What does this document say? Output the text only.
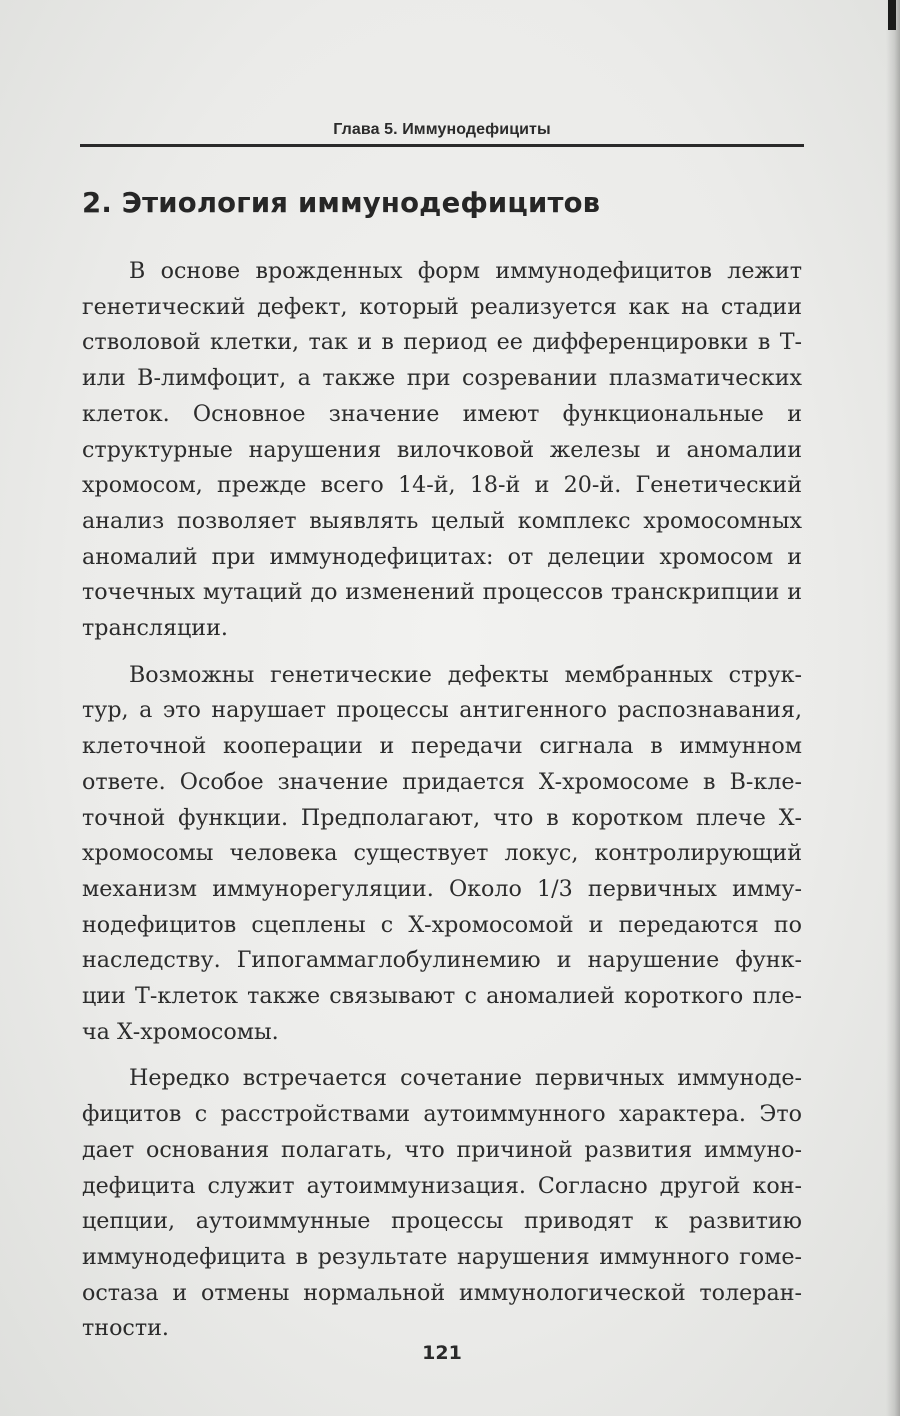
Глава 5. Иммунодефициты
2. Этиология иммунодефицитов

В основе врожденных форм иммунодефицитов лежит генетический дефект, который реализуется как на стадии стволовой клетки, так и в период ее дифференцировки в Т- или В-лимфоцит, а также при созревании плазматических клеток. Основное значение имеют функциональные и структурные нарушения вилочковой железы и аномалии хромосом, прежде всего 14-й, 18-й и 20-й. Генетический анализ позволяет выявлять целый комплекс хромосомных аномалий при иммунодефицитах: от делеции хромосом и точечных мутаций до изменений процессов транскрипции и трансляции.

Возможны генетические дефекты мембранных структур, а это нарушает процессы антигенного распознавания, клеточной кооперации и передачи сигнала в иммунном ответе. Особое значение придается Х-хромосоме в В-клеточной функции. Предполагают, что в коротком плече Х-хромосомы человека существует локус, контролирующий механизм иммунорегуляции. Около 1/3 первичных иммунодефицитов сцеплены с Х-хромосомой и передаются по наследству. Гипогаммаглобулинемию и нарушение функции Т-клеток также связывают с аномалией короткого плеча Х-хромосомы.

Нередко встречается сочетание первичных иммунодефицитов с расстройствами аутоиммунного характера. Это дает основания полагать, что причиной развития иммунодефицита служит аутоиммунизация. Согласно другой концепции, аутоиммунные процессы приводят к развитию иммунодефицита в результате нарушения иммунного гомеостаза и отмены нормальной иммунологической толерантности.

121
